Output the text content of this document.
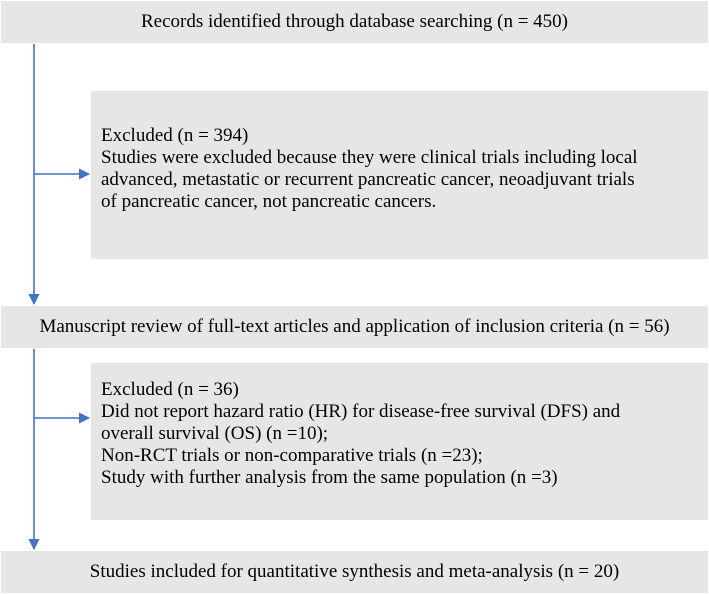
Records identified through database searching (n = 450)
Excluded (n = 394)
Studies were excluded because they were clinical trials including local
advanced, metastatic or recurrent pancreatic cancer, neoadjuvant trials
of pancreatic cancer, not pancreatic cancers.
Manuscript review of full-text articles and application of inclusion criteria (n = 56)
Excluded (n = 36)
Did not report hazard ratio (HR) for disease-free survival (DFS) and
overall survival (OS) (n =10);
Non-RCT trials or non-comparative trials (n =23);
Study with further analysis from the same population (n =3)
Studies included for quantitative synthesis and meta-analysis (n = 20)
